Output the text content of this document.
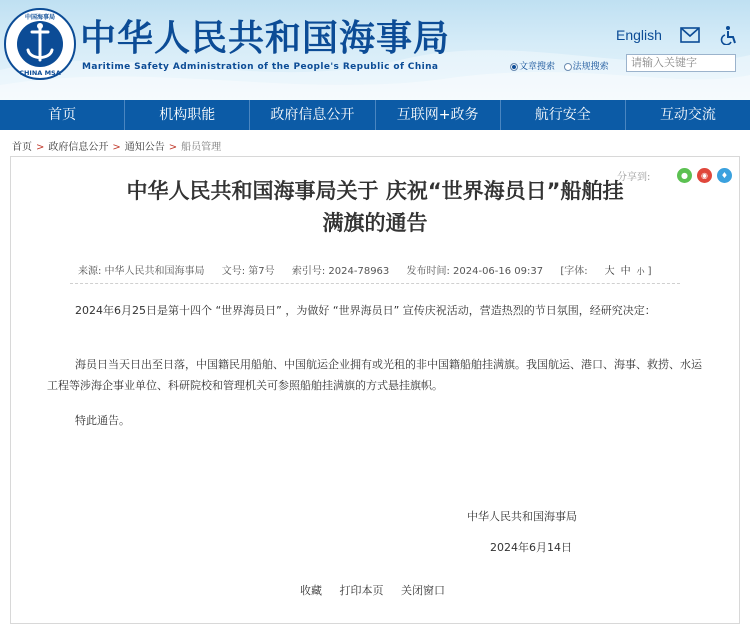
中国海事局
CHINA MSA
中华人民共和国海事局
Maritime Safety Administration of the People's Republic of China
English
文章搜索 法规搜索	请输入关键字
首页	机构职能	政府信息公开	互联网+政务	航行安全	互动交流
首页 > 政府信息公开 > 通知公告 > 船员管理
分享到:	●	◉	♦
中华人民共和国海事局关于 庆祝“世界海员日”船舶挂
满旗的通告
来源: 中华人民共和国海事局 文号: 第7号 索引号: 2024-78963 发布时间: 2024-06-16 09:37 [字体: 大 中 小 ]
2024年6月25日是第十四个 “世界海员日” ，为做好 “世界海员日” 宣传庆祝活动，营造热烈的节日氛围，经研究决定：
海员日当天日出至日落，中国籍民用船舶、中国航运企业拥有或光租的非中国籍船舶挂满旗。我国航运、港口、海事、救捞、水运工程等涉海企事业单位、科研院校和管理机关可参照船舶挂满旗的方式悬挂旗帜。
特此通告。
中华人民共和国海事局
2024年6月14日
收藏 打印本页 关闭窗口
